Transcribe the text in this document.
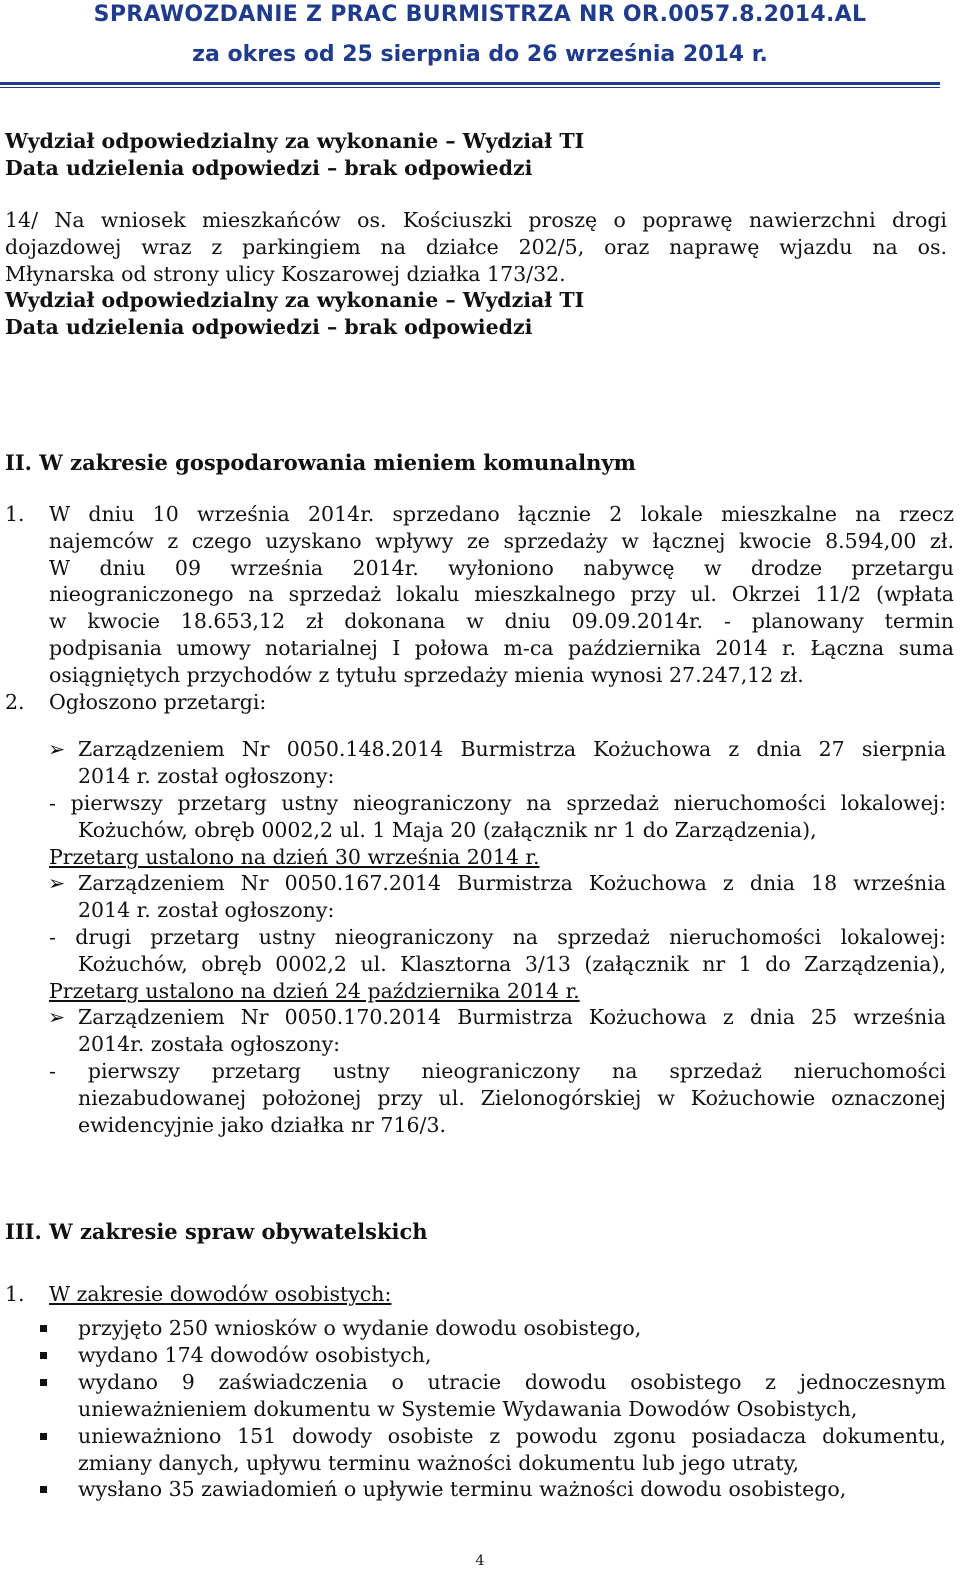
SPRAWOZDANIE Z PRAC BURMISTRZA NR OR.0057.8.2014.AL
za okres od 25 sierpnia do 26 września 2014 r.
Wydział odpowiedzialny za wykonanie – Wydział TI
Data udzielenia odpowiedzi – brak odpowiedzi
14/ Na wniosek mieszkańców os. Kościuszki proszę o poprawę nawierzchni drogi
dojazdowej wraz z parkingiem na działce 202/5, oraz naprawę wjazdu na os.
Młynarska od strony ulicy Koszarowej działka 173/32.
Wydział odpowiedzialny za wykonanie – Wydział TI
Data udzielenia odpowiedzi – brak odpowiedzi
II. W zakresie gospodarowania mieniem komunalnym
1. W dniu 10 września 2014r. sprzedano łącznie 2 lokale mieszkalne na rzecz
najemców z czego uzyskano wpływy ze sprzedaży w łącznej kwocie 8.594,00 zł.
W dniu 09 września 2014r. wyłoniono nabywcę w drodze przetargu
nieograniczonego na sprzedaż lokalu mieszkalnego przy ul. Okrzei 11/2 (wpłata
w kwocie 18.653,12 zł dokonana w dniu 09.09.2014r. - planowany termin
podpisania umowy notarialnej I połowa m-ca października 2014 r. Łączna suma
osiągniętych przychodów z tytułu sprzedaży mienia wynosi 27.247,12 zł.
2. Ogłoszono przetargi:
➢ Zarządzeniem Nr 0050.148.2014 Burmistrza Kożuchowa z dnia 27 sierpnia
2014 r. został ogłoszony:
- pierwszy przetarg ustny nieograniczony na sprzedaż nieruchomości lokalowej:
Kożuchów, obręb 0002,2 ul. 1 Maja 20 (załącznik nr 1 do Zarządzenia),
Przetarg ustalono na dzień 30 września 2014 r.
➢ Zarządzeniem Nr 0050.167.2014 Burmistrza Kożuchowa z dnia 18 września
2014 r. został ogłoszony:
- drugi przetarg ustny nieograniczony na sprzedaż nieruchomości lokalowej:
Kożuchów, obręb 0002,2 ul. Klasztorna 3/13 (załącznik nr 1 do Zarządzenia),
Przetarg ustalono na dzień 24 października 2014 r.
➢ Zarządzeniem Nr 0050.170.2014 Burmistrza Kożuchowa z dnia 25 września
2014r. została ogłoszony:
- pierwszy przetarg ustny nieograniczony na sprzedaż nieruchomości
niezabudowanej położonej przy ul. Zielonogórskiej w Kożuchowie oznaczonej
ewidencyjnie jako działka nr 716/3.
III. W zakresie spraw obywatelskich
1. W zakresie dowodów osobistych:
przyjęto 250 wniosków o wydanie dowodu osobistego,
wydano 174 dowodów osobistych,
wydano 9 zaświadczenia o utracie dowodu osobistego z jednoczesnym
unieważnieniem dokumentu w Systemie Wydawania Dowodów Osobistych,
unieważniono 151 dowody osobiste z powodu zgonu posiadacza dokumentu,
zmiany danych, upływu terminu ważności dokumentu lub jego utraty,
wysłano 35 zawiadomień o upływie terminu ważności dowodu osobistego,
4
